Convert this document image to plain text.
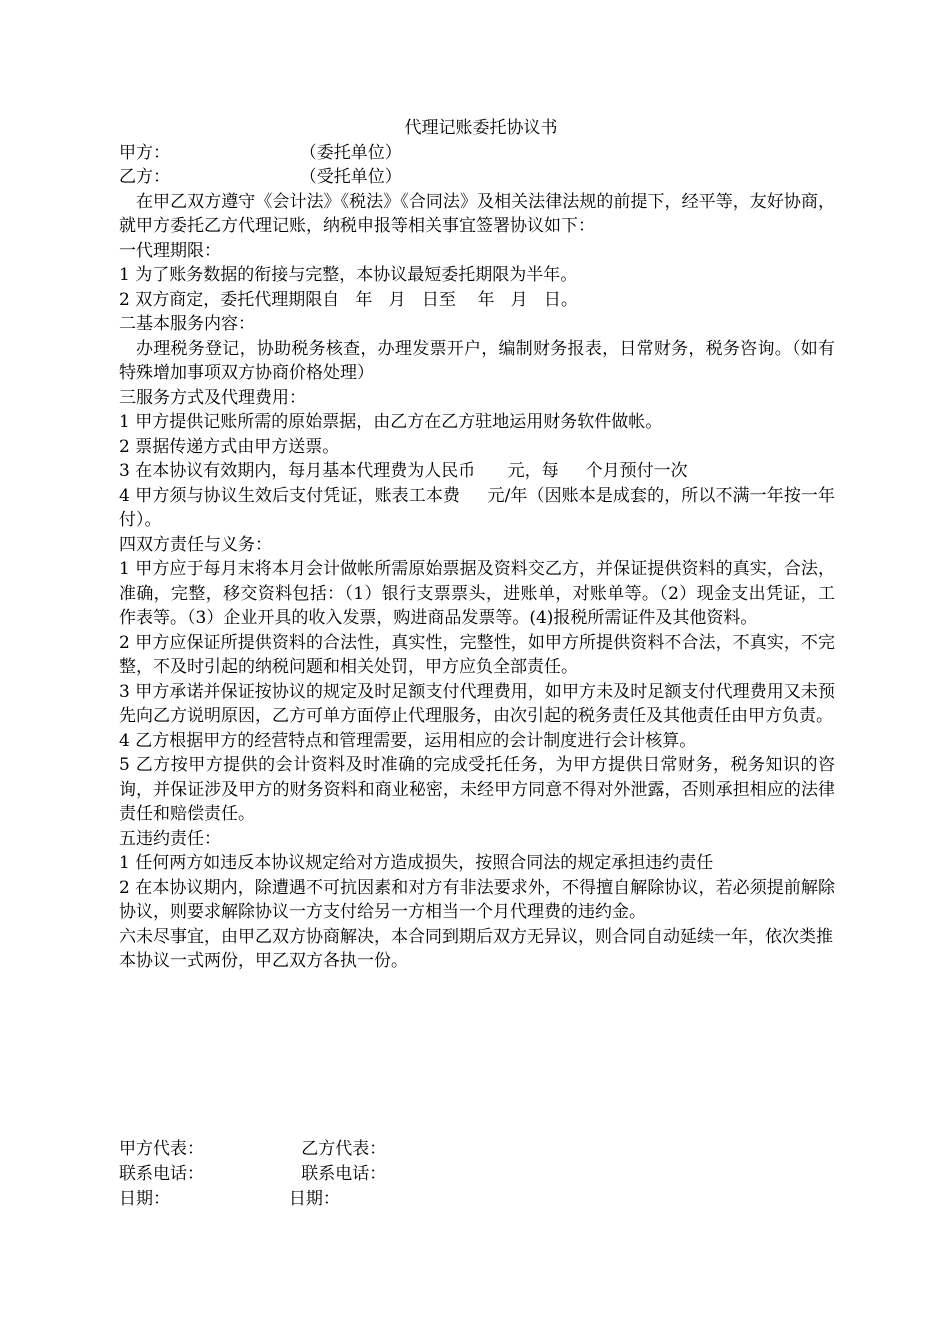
代理记账委托协议书
甲方：                        （委托单位）
乙方：                        （受托单位）
在甲乙双方遵守《会计法》《税法》《合同法》及相关法律法规的前提下，经平等，友好协商，就甲方委托乙方代理记账，纳税申报等相关事宜签署协议如下：
一代理期限：
1 为了账务数据的衔接与完整，本协议最短委托期限为半年。
2 双方商定，委托代理期限自   年   月   日至    年   月   日。
二基本服务内容：
办理税务登记，协助税务核查，办理发票开户，编制财务报表，日常财务，税务咨询。（如有特殊增加事项双方协商价格处理）
三服务方式及代理费用：
1 甲方提供记账所需的原始票据，由乙方在乙方驻地运用财务软件做帐。
2 票据传递方式由甲方送票。
3 在本协议有效期内，每月基本代理费为人民币      元，每     个月预付一次
4 甲方须与协议生效后支付凭证，账表工本费     元/年（因账本是成套的，所以不满一年按一年付）。
四双方责任与义务：
1 甲方应于每月末将本月会计做帐所需原始票据及资料交乙方，并保证提供资料的真实，合法，准确，完整，移交资料包括：（1）银行支票票头，进账单，对账单等。（2）现金支出凭证，工作表等。（3）企业开具的收入发票，购进商品发票等。(4)报税所需证件及其他资料。
2 甲方应保证所提供资料的合法性，真实性，完整性，如甲方所提供资料不合法，不真实，不完整，不及时引起的纳税问题和相关处罚，甲方应负全部责任。
3 甲方承诺并保证按协议的规定及时足额支付代理费用，如甲方未及时足额支付代理费用又未预先向乙方说明原因，乙方可单方面停止代理服务，由次引起的税务责任及其他责任由甲方负责。
4 乙方根据甲方的经营特点和管理需要，运用相应的会计制度进行会计核算。
5 乙方按甲方提供的会计资料及时准确的完成受托任务，为甲方提供日常财务，税务知识的咨询，并保证涉及甲方的财务资料和商业秘密，未经甲方同意不得对外泄露，否则承担相应的法律责任和赔偿责任。
五违约责任：
1 任何两方如违反本协议规定给对方造成损失，按照合同法的规定承担违约责任
2 在本协议期内，除遭遇不可抗因素和对方有非法要求外，不得擅自解除协议，若必须提前解除协议，则要求解除协议一方支付给另一方相当一个月代理费的违约金。
六未尽事宜，由甲乙双方协商解决，本合同到期后双方无异议，则合同自动延续一年，依次类推
本协议一式两份，甲乙双方各执一份。
甲方代表：                  乙方代表：
联系电话：                  联系电话：
日期：                      日期：
